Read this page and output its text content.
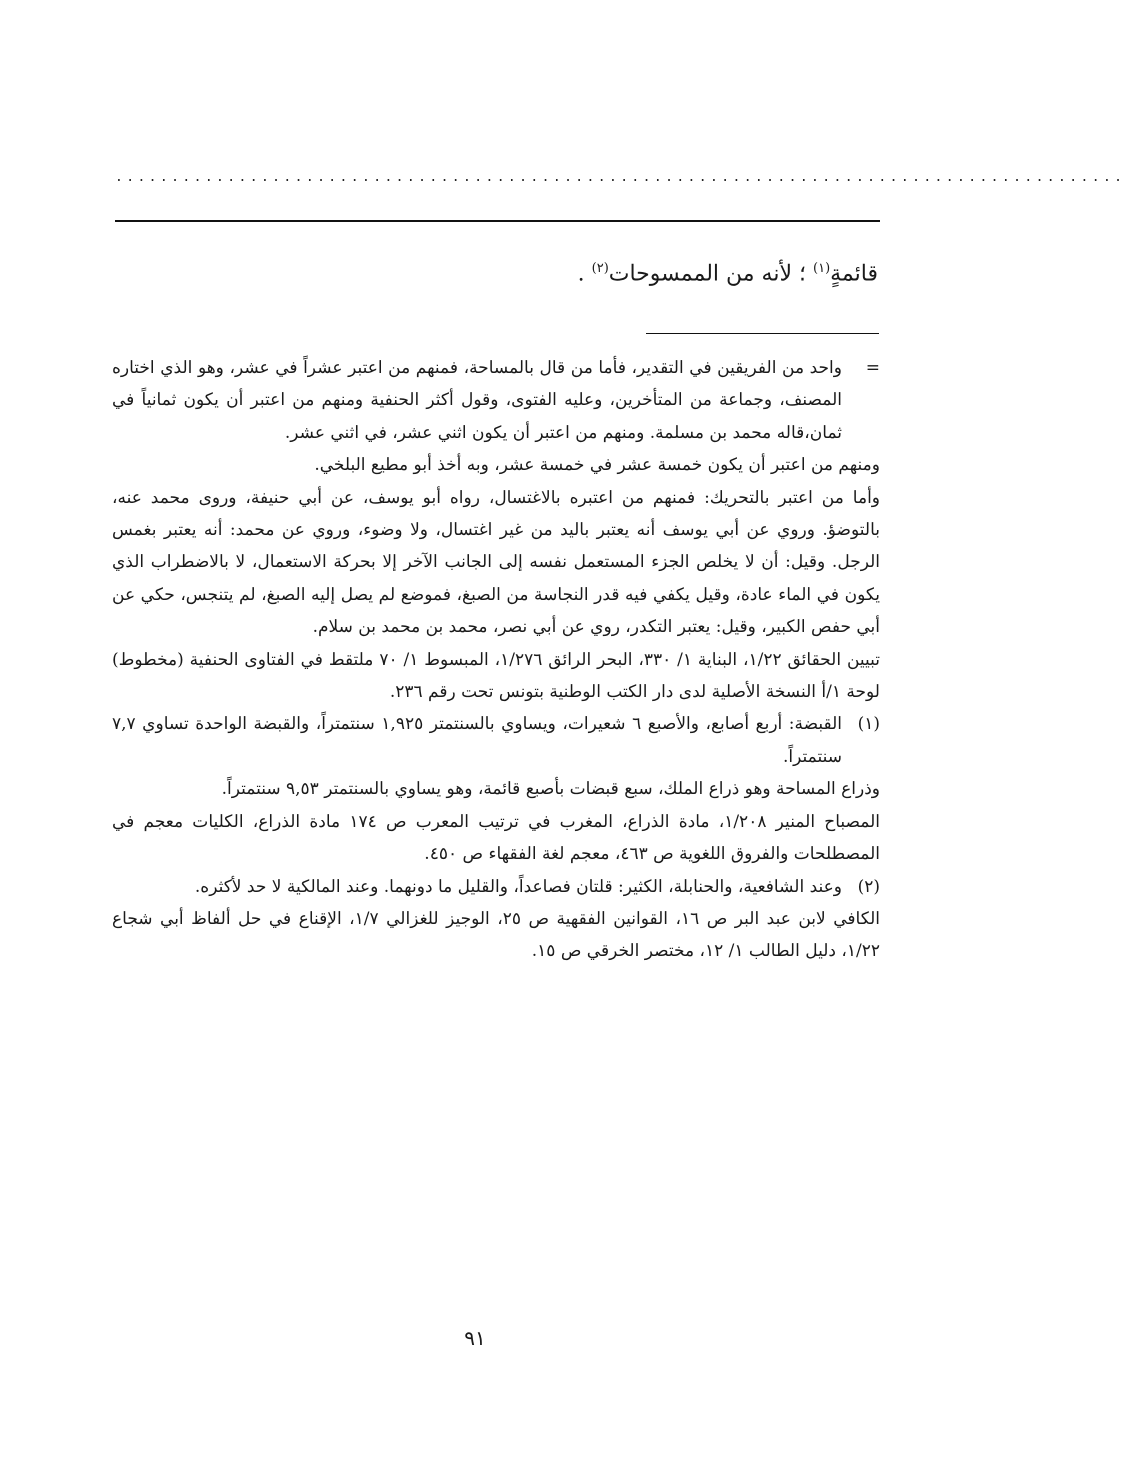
..........................................................................................
قائمةٍ$^{(١)}$ ؛ لأنه من الممسوحات$^{(٢)}$ .
=

واحد من الفريقين في التقدير، فأما من قال بالمساحة، فمنهم من اعتبر عشراً في عشر، وهو الذي اختاره المصنف، وجماعة من المتأخرين، وعليه الفتوى، وقول أكثر الحنفية ومنهم من اعتبر أن يكون ثمانياً في ثمان،قاله محمد بن مسلمة. ومنهم من اعتبر أن يكون اثني عشر، في اثني عشر.

ومنهم من اعتبر أن يكون خمسة عشر في خمسة عشر، وبه أخذ أبو مطيع البلخي.

وأما من اعتبر بالتحريك: فمنهم من اعتبره بالاغتسال، رواه أبو يوسف، عن أبي حنيفة، وروى محمد عنه، بالتوضؤ. وروي عن أبي يوسف أنه يعتبر باليد من غير اغتسال، ولا وضوء، وروي عن محمد: أنه يعتبر بغمس الرجل. وقيل: أن لا يخلص الجزء المستعمل نفسه إلى الجانب الآخر إلا بحركة الاستعمال، لا بالاضطراب الذي يكون في الماء عادة، وقيل يكفي فيه قدر النجاسة من الصبغ، فموضع لم يصل إليه الصبغ، لم يتنجس، حكي عن أبي حفص الكبير، وقيل: يعتبر التكدر، روي عن أبي نصر، محمد بن محمد بن سلام.

تبيين الحقائق ١/٢٢، البناية ١/ ٣٣٠، البحر الرائق ١/٢٧٦، المبسوط ١/ ٧٠ ملتقط في الفتاوى الحنفية (مخطوط) لوحة ١/أ النسخة الأصلية لدى دار الكتب الوطنية بتونس تحت رقم ٢٣٦.

(١)

القبضة: أربع أصابع، والأصبع ٦ شعيرات، ويساوي بالسنتمتر ١,٩٢٥ سنتمتراً، والقبضة الواحدة تساوي ٧,٧ سنتمتراً.

وذراع المساحة وهو ذراع الملك، سبع قبضات بأصبع قائمة، وهو يساوي بالسنتمتر ٩,٥٣ سنتمتراً.

المصباح المنير ١/٢٠٨، مادة الذراع، المغرب في ترتيب المعرب ص ١٧٤ مادة الذراع، الكليات معجم في المصطلحات والفروق اللغوية ص ٤٦٣، معجم لغة الفقهاء ص ٤٥٠.

(٢)

وعند الشافعية، والحنابلة، الكثير: قلتان فصاعداً، والقليل ما دونهما. وعند المالكية لا حد لأكثره.

الكافي لابن عبد البر ص ١٦، القوانين الفقهية ص ٢٥، الوجيز للغزالي ١/٧، الإقناع في حل ألفاظ أبي شجاع ١/٢٢، دليل الطالب ١/ ١٢، مختصر الخرقي ص ١٥.

٩١
